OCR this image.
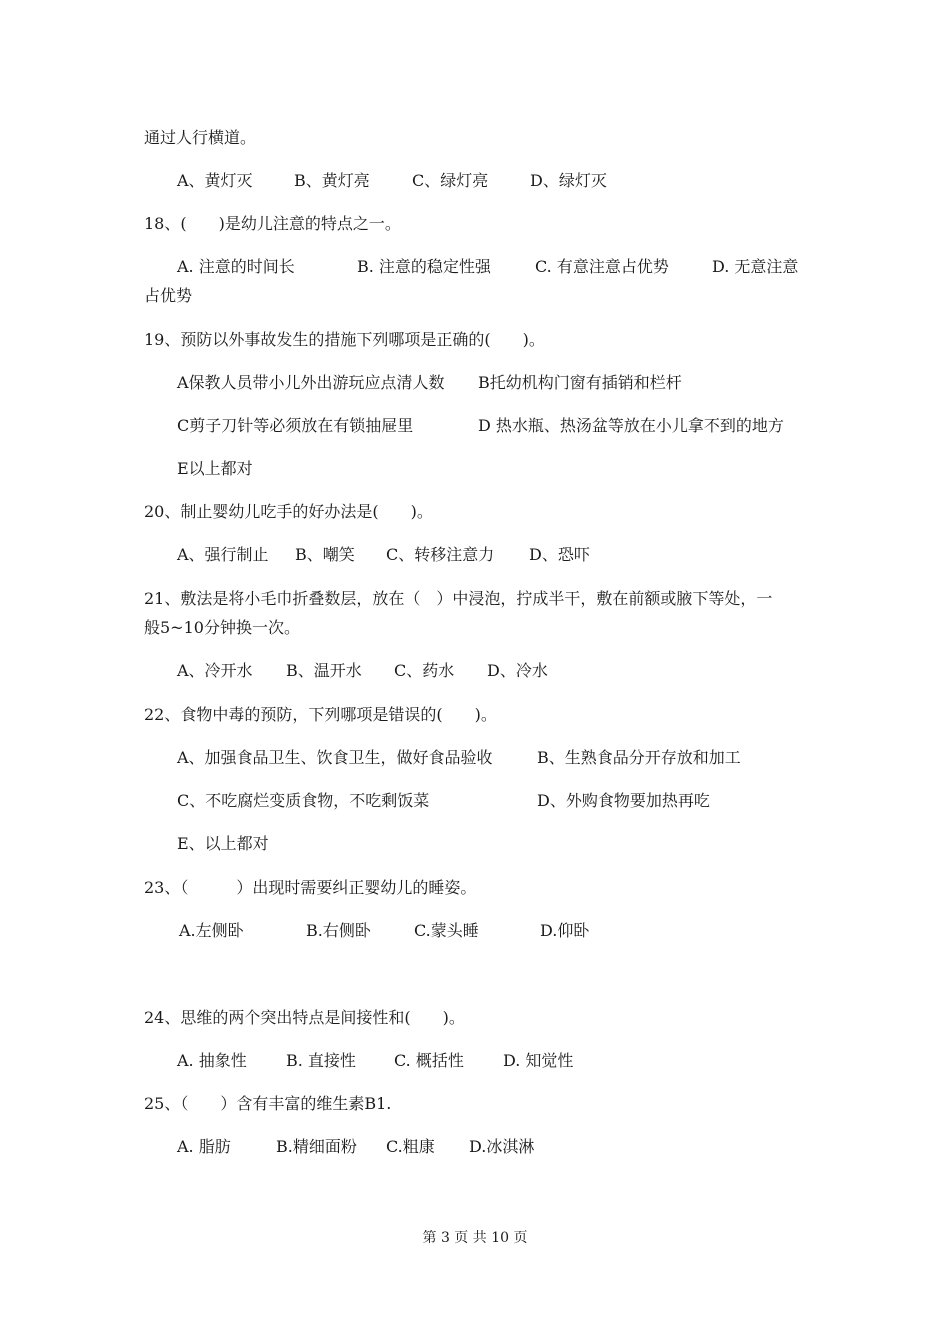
通过人行横道。
A、黄灯灭	B、黄灯亮	C、绿灯亮	D、绿灯灭
18、(　　)是幼儿注意的特点之一。
A. 注意的时间长	B. 注意的稳定性强	C. 有意注意占优势	D. 无意注意
占优势
19、预防以外事故发生的措施下列哪项是正确的(　　)。
A保教人员带小儿外出游玩应点清人数 B托幼机构门窗有插销和栏杆
C剪子刀针等必须放在有锁抽屉里	D 热水瓶、热汤盆等放在小儿拿不到的地方
E以上都对
20、制止婴幼儿吃手的好办法是(　　)。
A、强行制止 B、嘲笑 C、转移注意力 D、恐吓
21、敷法是将小毛巾折叠数层，放在（　）中浸泡，拧成半干，敷在前额或腋下等处，一
般5~10分钟换一次。
A、冷开水 B、温开水 C、药水 D、冷水
22、食物中毒的预防，下列哪项是错误的(　　)。
A、加强食品卫生、饮食卫生，做好食品验收	B、生熟食品分开存放和加工
C、不吃腐烂变质食物，不吃剩饭菜	D、外购食物要加热再吃
E、以上都对
23、（　　　）出现时需要纠正婴幼儿的睡姿。
A.左侧卧	B.右侧卧	C.蒙头睡	D.仰卧
24、思维的两个突出特点是间接性和(　　)。
A. 抽象性 B. 直接性 C. 概括性 D. 知觉性
25、（　　）含有丰富的维生素B1.
A. 脂肪	B.精细面粉 C.粗康 D.冰淇淋
第 3 页 共 10 页
